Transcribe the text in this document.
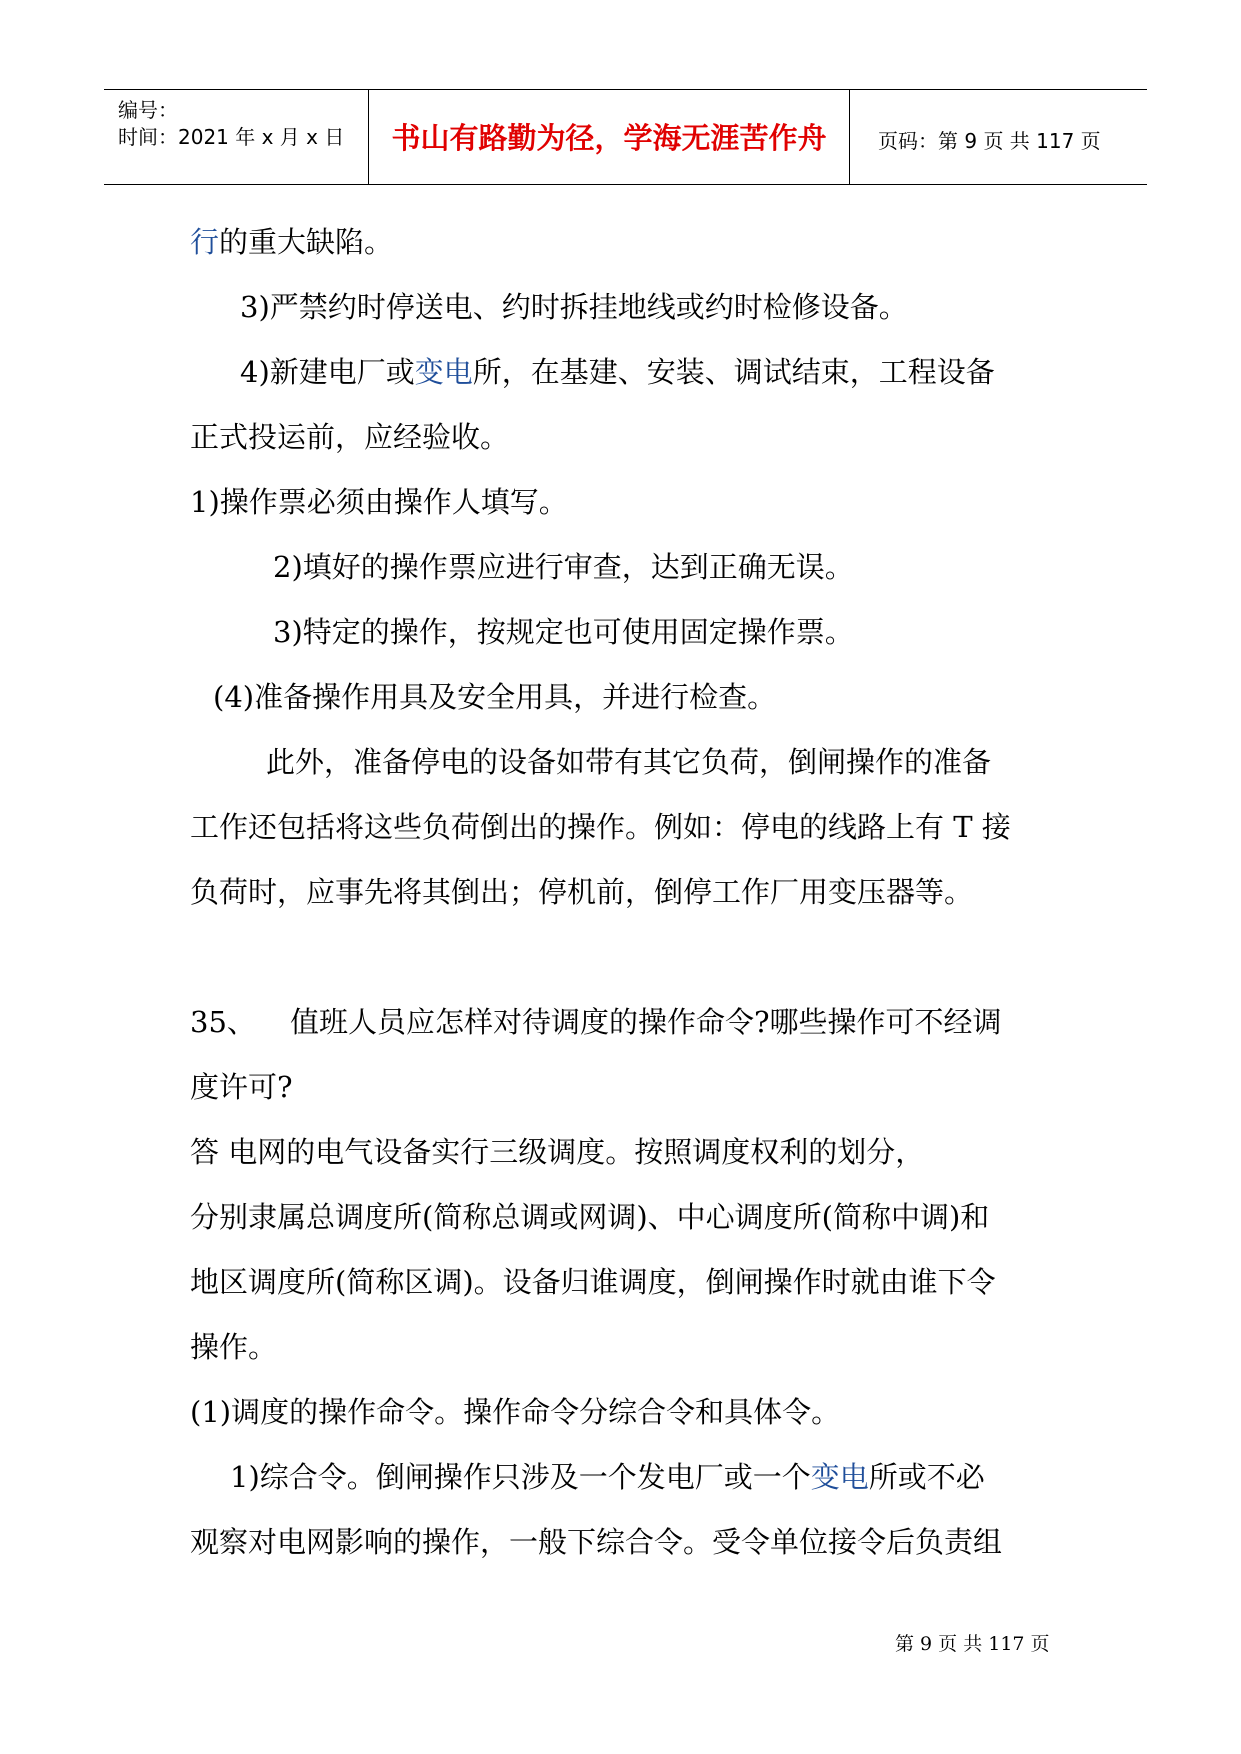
编号：
时间：2021 年 x 月 x 日	书山有路勤为径，学海无涯苦作舟	页码：第 9 页 共 117 页
行的重大缺陷。
3)严禁约时停送电、约时拆挂地线或约时检修设备。
4)新建电厂或变电所，在基建、安装、调试结束，工程设备
正式投运前，应经验收。
1)操作票必须由操作人填写。
2)填好的操作票应进行审查，达到正确无误。
3)特定的操作，按规定也可使用固定操作票。
(4)准备操作用具及安全用具，并进行检查。
此外，准备停电的设备如带有其它负荷，倒闸操作的准备
工作还包括将这些负荷倒出的操作。例如：停电的线路上有 T 接
负荷时，应事先将其倒出；停机前，倒停工作厂用变压器等。
35、 值班人员应怎样对待调度的操作命令?哪些操作可不经调
度许可?
答 电网的电气设备实行三级调度。按照调度权利的划分，
分别隶属总调度所(简称总调或网调)、中心调度所(简称中调)和
地区调度所(简称区调)。设备归谁调度，倒闸操作时就由谁下令
操作。
(1)调度的操作命令。操作命令分综合令和具体令。
1)综合令。倒闸操作只涉及一个发电厂或一个变电所或不必
观察对电网影响的操作，一般下综合令。受令单位接令后负责组
第 9 页 共 117 页
